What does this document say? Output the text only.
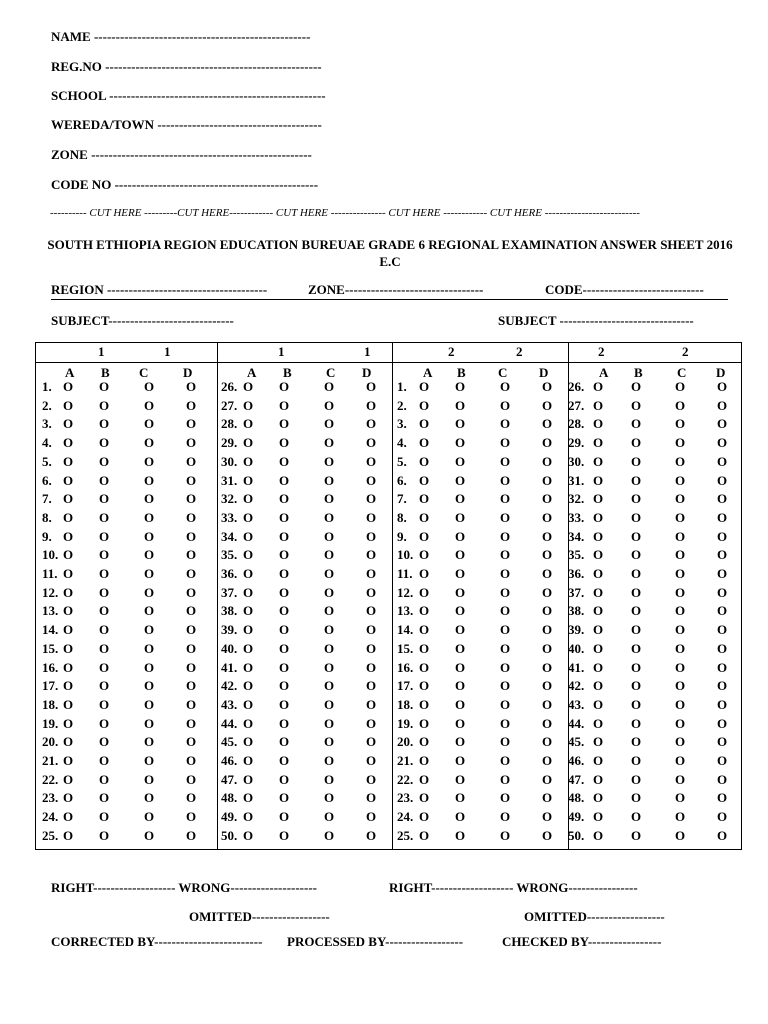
NAME --------------------------------------------------
REG.NO --------------------------------------------------
SCHOOL --------------------------------------------------
WEREDA/TOWN --------------------------------------
ZONE ---------------------------------------------------
CODE NO -----------------------------------------------
---------- CUT HERE ---------CUT HERE------------ CUT HERE --------------- CUT HERE ------------ CUT HERE --------------------------
SOUTH ETHIOPIA REGION EDUCATION BUREUAE GRADE 6 REGIONAL EXAMINATION ANSWER SHEET 2016 E.C
REGION -------------------------------------	ZONE--------------------------------	CODE----------------------------
SUBJECT-----------------------------	SUBJECT -------------------------------
1	1
A B C	D
1. O O	O O
2. O O	O O
3. O O	O O
4. O O	O O
5. O O	O O
6. O O	O O
7. O O	O O
8. O O	O O
9. O O	O O
10. O O	O O
11. O O	O O
12. O O	O O
13. O O	O O
14. O O	O O
15. O O	O O
16. O O	O O
17. O O	O O
18. O O	O O
19. O O	O O
20. O O	O O
21. O O	O O
22. O O	O O
23. O O	O O
24. O O	O O
25. O O	O O
1	1
A B	C D
26. O O	O O
27. O O	O O
28. O O	O O
29. O O	O O
30. O O	O O
31. O O	O O
32. O O	O O
33. O O	O O
34. O O	O O
35. O O	O O
36. O O	O O
37. O O	O O
38. O O	O O
39. O O	O O
40. O O	O O
41. O O	O O
42. O O	O O
43. O O	O O
44. O O	O O
45. O O	O O
46. O O	O O
47. O O	O O
48. O O	O O
49. O O	O O
50. O O	O O
2	2
A B C D
1. O O	O O
2. O O	O O
3. O O	O O
4. O O	O O
5. O O	O O
6. O O	O O
7. O O	O O
8. O O	O O
9. O O	O O
10. O O	O O
11. O O	O O
12. O O	O O
13. O O	O O
14. O O	O O
15. O O	O O
16. O O	O O
17. O O	O O
18. O O	O O
19. O O	O O
20. O O	O O
21. O O	O O
22. O O	O O
23. O O	O O
24. O O	O O
25. O O	O O
2	2
A B	C D
26. O O	O O
27. O O	O O
28. O O	O O
29. O O	O O
30. O O	O O
31. O O	O O
32. O O	O O
33. O O	O O
34. O O	O O
35. O O	O O
36. O O	O O
37. O O	O O
38. O O	O O
39. O O	O O
40. O O	O O
41. O O	O O
42. O O	O O
43. O O	O O
44. O O	O O
45. O O	O O
46. O O	O O
47. O O	O O
48. O O	O O
49. O O	O O
50. O O	O O
RIGHT------------------- WRONG--------------------	RIGHT------------------- WRONG----------------
OMITTED------------------	OMITTED------------------
CORRECTED BY------------------------- PROCESSED BY------------------	CHECKED BY-----------------
